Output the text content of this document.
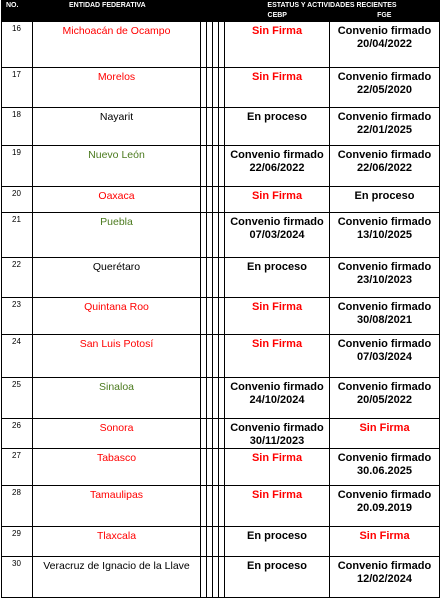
NO.	ENTIDAD FEDERATIVA					ESTATUS Y ACTIVIDADES RECIENTES
CEBP FGE	

16	Michoacán de Ocampo					Sin Firma	Convenio firmado 20/04/2022
17	Morelos					Sin Firma	Convenio firmado 22/05/2020
18	Nayarit					En proceso	Convenio firmado 22/01/2025
19	Nuevo León					Convenio firmado 22/06/2022	Convenio firmado 22/06/2022
20	Oaxaca					Sin Firma	En proceso
21	Puebla					Convenio firmado 07/03/2024	Convenio firmado 13/10/2025
22	Querétaro					En proceso	Convenio firmado 23/10/2023
23	Quintana Roo					Sin Firma	Convenio firmado 30/08/2021
24	San Luis Potosí					Sin Firma	Convenio firmado 07/03/2024
25	Sinaloa					Convenio firmado 24/10/2024	Convenio firmado 20/05/2022
26	Sonora					Convenio firmado 30/11/2023	Sin Firma
27	Tabasco					Sin Firma	Convenio firmado 30.06.2025
28	Tamaulipas					Sin Firma	Convenio firmado 20.09.2019
29	Tlaxcala					En proceso	Sin Firma
30	Veracruz de Ignacio de la Llave					En proceso	Convenio firmado 12/02/2024
